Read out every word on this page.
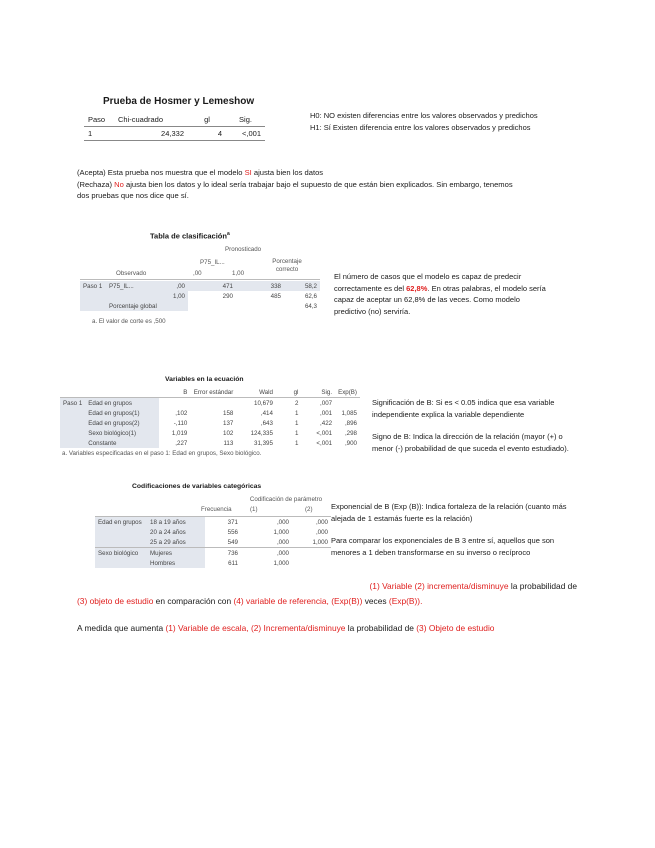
Prueba de Hosmer y Lemeshow
Paso	Chi-cuadrado	gl	Sig.
1	24,332	4	<,001
H0: NO existen diferencias entre los valores observados y predichos
H1: Sí Existen diferencia entre los valores observados y predichos
(Acepta) Esta prueba nos muestra que el modelo SI ajusta bien los datos
(Rechaza) No ajusta bien los datos y lo ideal sería trabajar bajo el supuesto de que están bien explicados. Sin embargo, tenemos
dos pruebas que nos dice que sí.
Tabla de clasificación$^a$
Pronosticado
P75_IL...	Porcentaje correcto
Observado	,00	1,00
Paso 1	P75_IL...	,00	471	338	58,2
		1,00	290	485	62,6
	Porcentaje global				64,3
a. El valor de corte es ,500
El número de casos que el modelo es capaz de predecir
correctamente es del 62,8%. En otras palabras, el modelo sería
capaz de aceptar un 62,8% de las veces. Como modelo
predictivo (no) serviría.
Variables en la ecuación
		B	Error estándar	Wald	gl	Sig.	Exp(B)
Paso 1	Edad en grupos			10,679	2	,007	
	Edad en grupos(1)	,102	158	,414	1	,001	1,085
	Edad en grupos(2)	-,110	137	,643	1	,422	,896
	Sexo biológico(1)	1,019	102	124,335	1	<,001	,298
	Constante	,227	113	31,395	1	<,001	,900
a. Variables especificadas en el paso 1: Edad en grupos, Sexo biológico.
Significación de B: Si es < 0.05 indica que esa variable independiente explica la variable dependiente
Signo de B: Indica la dirección de la relación (mayor (+) o menor (-) probabilidad de que suceda el evento estudiado).
Codificaciones de variables categóricas
Codificación de parámetro
(1)	(2)
Frecuencia
Edad en grupos	18 a 19 años	371	,000	,000
	20 a 24 años	556	1,000	,000
	25 a 29 años	549	,000	1,000
Sexo biológico	Mujeres	736	,000	
	Hombres	611	1,000	
Exponencial de B (Exp (B)): Indica fortaleza de la relación (cuanto más alejada de 1 estamás fuerte es la relación)
Para comparar los exponenciales de B 3 entre sí, aquellos que son menores a 1 deben transformarse en su inverso o recíproco
(1) Variable (2) incrementa/disminuye la probabilidad de
(3) objeto de estudio en comparación con (4) variable de referencia, (Exp(B)) veces (Exp(B)).
A medida que aumenta (1) Variable de escala, (2) Incrementa/disminuye la probabilidad de (3) Objeto de estudio
